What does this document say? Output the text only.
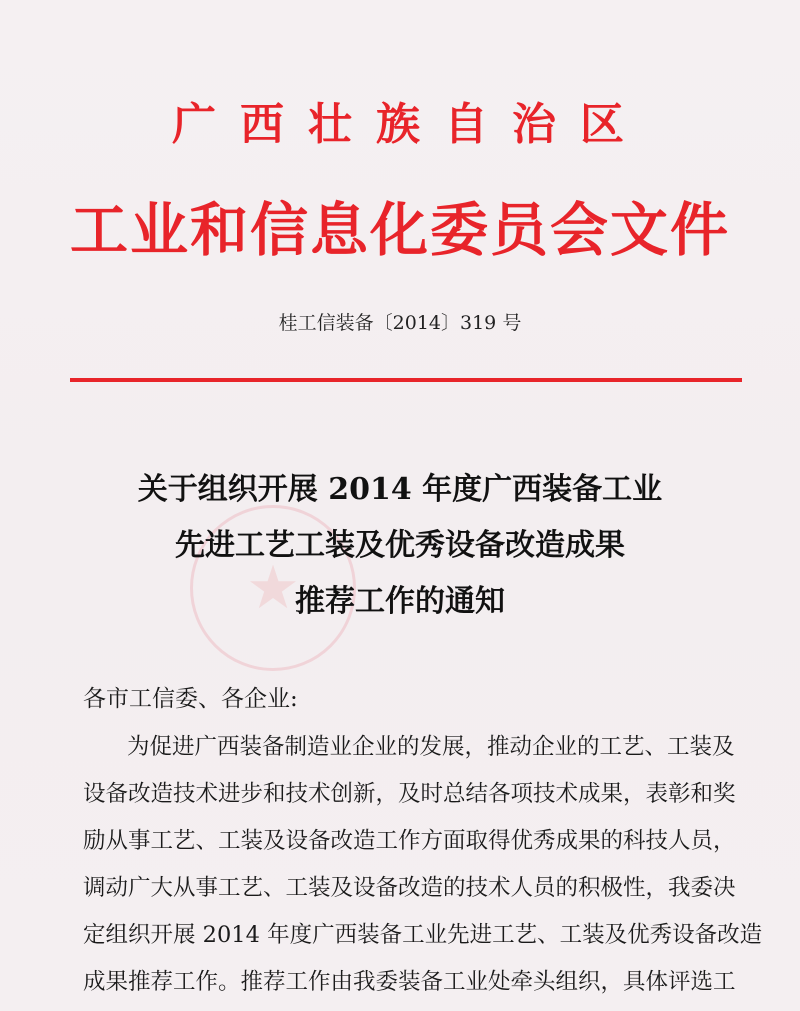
广西壮族自治区
工业和信息化委员会文件
桂工信装备〔2014〕319 号
★
关于组织开展 2014 年度广西装备工业
先进工艺工装及优秀设备改造成果
推荐工作的通知
各市工信委、各企业:
为促进广西装备制造业企业的发展，推动企业的工艺、工装及
设备改造技术进步和技术创新，及时总结各项技术成果，表彰和奖
励从事工艺、工装及设备改造工作方面取得优秀成果的科技人员，
调动广大从事工艺、工装及设备改造的技术人员的积极性，我委决
定组织开展 2014 年度广西装备工业先进工艺、工装及优秀设备改造
成果推荐工作。推荐工作由我委装备工业处牵头组织，具体评选工
